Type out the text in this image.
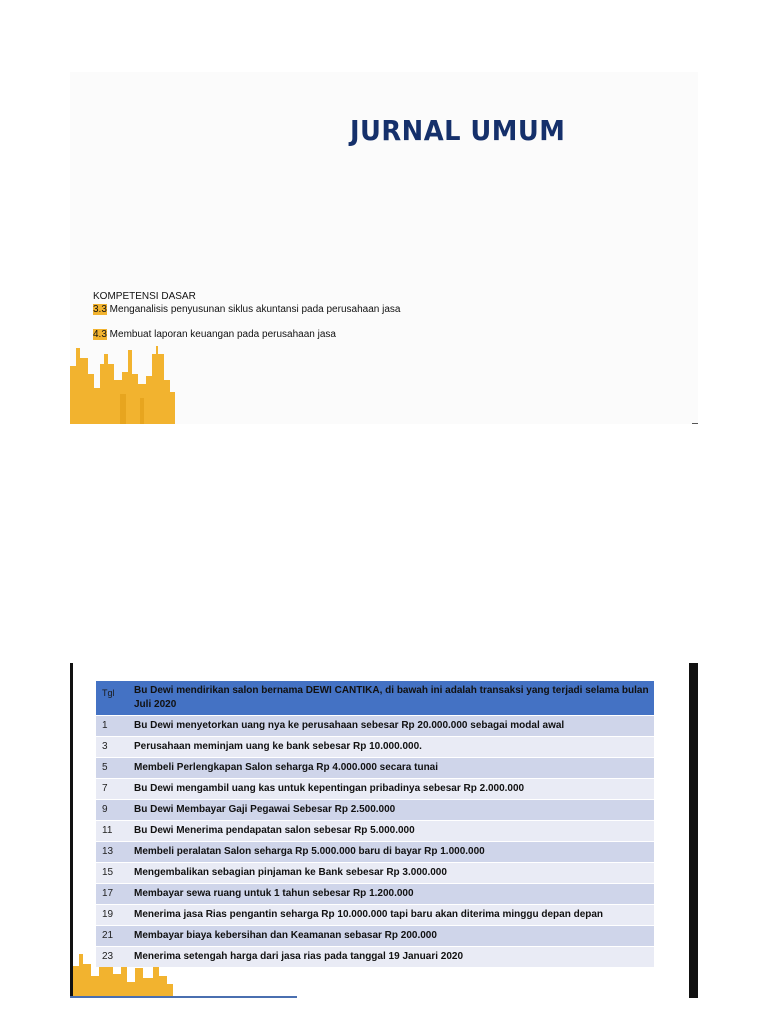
JURNAL UMUM
KOMPETENSI DASAR
3.3 Menganalisis penyusunan siklus akuntansi pada perusahaan jasa
4.3 Membuat laporan keuangan pada perusahaan jasa
Tgl	Bu Dewi mendirikan salon bernama DEWI CANTIKA, di bawah ini adalah transaksi yang terjadi selama bulan Juli 2020
1	Bu Dewi menyetorkan uang nya ke perusahaan sebesar Rp 20.000.000 sebagai modal awal
3	Perusahaan meminjam uang ke bank sebesar Rp 10.000.000.
5	Membeli Perlengkapan Salon seharga Rp 4.000.000 secara tunai
7	Bu Dewi mengambil uang kas untuk kepentingan pribadinya sebesar Rp 2.000.000
9	Bu Dewi Membayar Gaji Pegawai Sebesar Rp 2.500.000
11	Bu Dewi Menerima pendapatan salon sebesar Rp 5.000.000
13	Membeli peralatan Salon seharga Rp 5.000.000 baru di bayar Rp 1.000.000
15	Mengembalikan sebagian pinjaman ke Bank sebesar Rp 3.000.000
17	Membayar sewa ruang untuk 1 tahun sebesar Rp 1.200.000
19	Menerima jasa Rias pengantin seharga Rp 10.000.000 tapi baru akan diterima minggu depan depan
21	Membayar biaya kebersihan dan Keamanan sebasar Rp 200.000
23	Menerima setengah harga dari jasa rias pada tanggal 19 Januari 2020
